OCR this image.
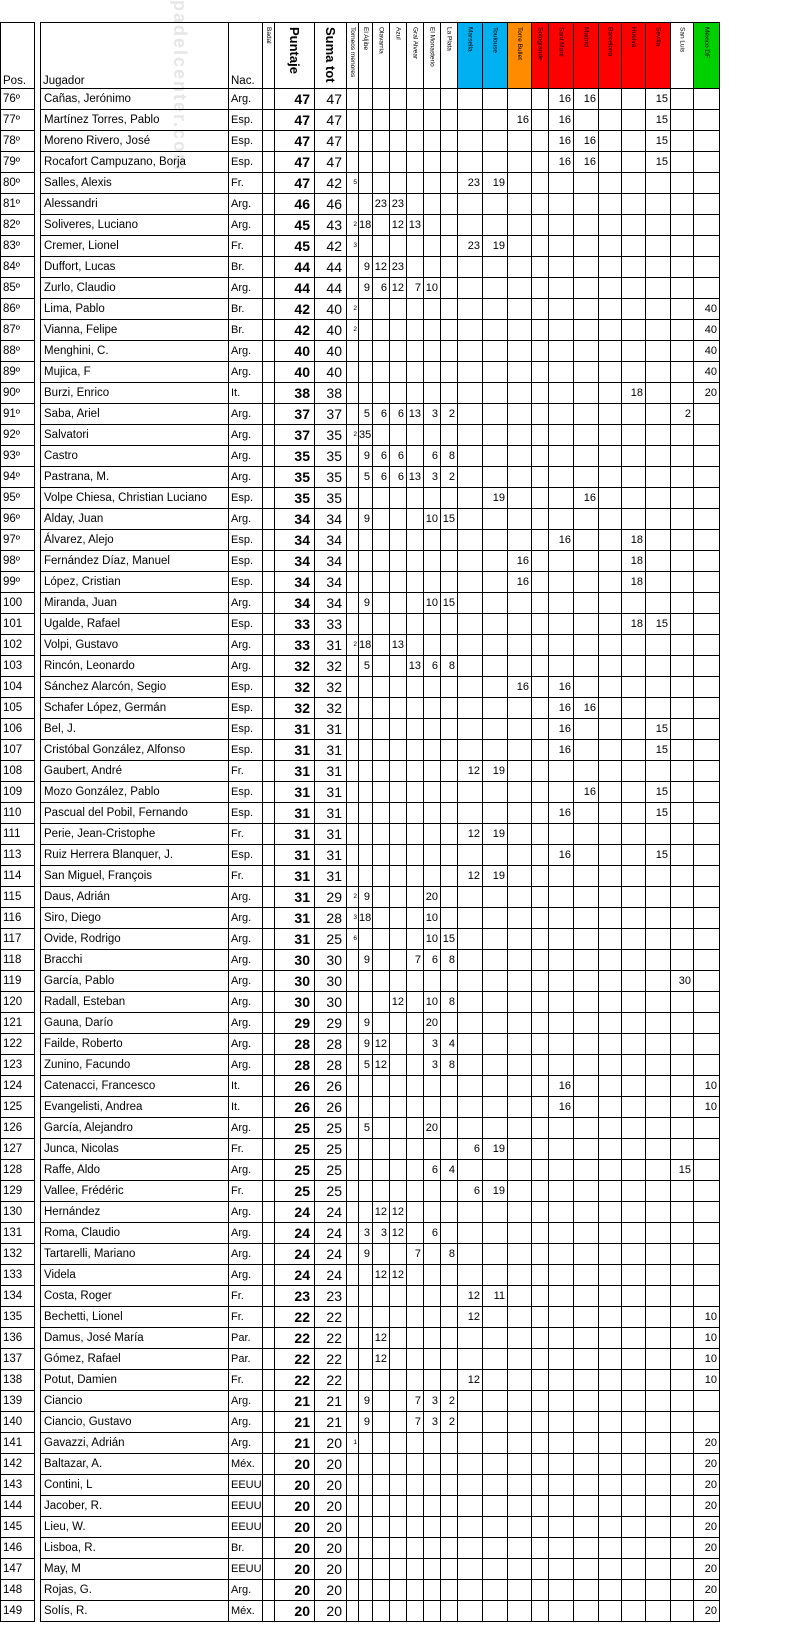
padelcenter.com
Pos.		Jugador	Nac.	Badal	Puntaje	Suma tot	Torneos menores	El Aljibe	Olavarría	Azul	Gral Alvear	El Monasterio	La Plata	Marsella	Toulouse	Torre Bullet	Sotogrande	Sant Marti	Madrid	Barcelona	Huelva	Sevilla	San Luis	México DF

76º		Cañas, Jerónimo	Arg.		47	47												16	16			15		
77º		Martínez Torres, Pablo	Esp.		47	47										16		16				15		
78º		Moreno Rivero, José	Esp.		47	47												16	16			15		
79º		Rocafort Campuzano, Borja	Esp.		47	47												16	16			15		
80º		Salles, Alexis	Fr.		47	42	5							23	19									
81º		Alessandri	Arg.		46	46			23	23														
82º		Soliveres, Luciano	Arg.		45	43	2	18		12	13													
83º		Cremer, Lionel	Fr.		45	42	3							23	19									
84º		Duffort, Lucas	Br.		44	44		9	12	23														
85º		Zurlo, Claudio	Arg.		44	44		9	6	12	7	10												
86º		Lima, Pablo	Br.		42	40	2																	40
87º		Vianna, Felipe	Br.		42	40	2																	40
88º		Menghini, C.	Arg.		40	40																		40
89º		Mujica, F	Arg.		40	40																		40
90º		Burzi, Enrico	It.		38	38															18			20
91º		Saba, Ariel	Arg.		37	37		5	6	6	13	3	2										2	
92º		Salvatori	Arg.		37	35	2	35																
93º		Castro	Arg.		35	35		9	6	6		6	8											
94º		Pastrana, M.	Arg.		35	35		5	6	6	13	3	2											
95º		Volpe Chiesa, Christian Luciano	Esp.		35	35									19				16					
96º		Alday, Juan	Arg.		34	34		9				10	15											
97º		Álvarez, Alejo	Esp.		34	34												16			18			
98º		Fernández Díaz, Manuel	Esp.		34	34										16					18			
99º		López, Cristian	Esp.		34	34										16					18			
100		Miranda, Juan	Arg.		34	34		9				10	15											
101		Ugalde, Rafael	Esp.		33	33															18	15		
102		Volpi, Gustavo	Arg.		33	31	2	18		13														
103		Rincón, Leonardo	Arg.		32	32		5			13	6	8											
104		Sánchez Alarcón, Segio	Esp.		32	32										16		16						
105		Schafer López, Germán	Esp.		32	32												16	16					
106		Bel, J.	Esp.		31	31												16				15		
107		Cristóbal González, Alfonso	Esp.		31	31												16				15		
108		Gaubert, André	Fr.		31	31								12	19									
109		Mozo González, Pablo	Esp.		31	31													16			15		
110		Pascual del Pobil, Fernando	Esp.		31	31												16				15		
111		Perie, Jean-Cristophe	Fr.		31	31								12	19									
113		Ruiz Herrera Blanquer, J.	Esp.		31	31												16				15		
114		San Miguel, François	Fr.		31	31								12	19									
115		Daus, Adrián	Arg.		31	29	2	9				20												
116		Siro, Diego	Arg.		31	28	3	18				10												
117		Ovide, Rodrigo	Arg.		31	25	6					10	15											
118		Bracchi	Arg.		30	30		9			7	6	8											
119		García, Pablo	Arg.		30	30																	30	
120		Radall, Esteban	Arg.		30	30				12		10	8											
121		Gauna, Darío	Arg.		29	29		9				20												
122		Failde, Roberto	Arg.		28	28		9	12			3	4											
123		Zunino, Facundo	Arg.		28	28		5	12			3	8											
124		Catenacci, Francesco	It.		26	26												16						10
125		Evangelisti, Andrea	It.		26	26												16						10
126		García, Alejandro	Arg.		25	25		5				20												
127		Junca, Nicolas	Fr.		25	25								6	19									
128		Raffe, Aldo	Arg.		25	25						6	4										15	
129		Vallee, Frédéric	Fr.		25	25								6	19									
130		Hernández	Arg.		24	24			12	12														
131		Roma, Claudio	Arg.		24	24		3	3	12		6												
132		Tartarelli, Mariano	Arg.		24	24		9			7		8											
133		Videla	Arg.		24	24			12	12														
134		Costa, Roger	Fr.		23	23								12	11									
135		Bechetti, Lionel	Fr.		22	22								12										10
136		Damus, José María	Par.		22	22			12															10
137		Gómez, Rafael	Par.		22	22			12															10
138		Potut, Damien	Fr.		22	22								12										10
139		Ciancio	Arg.		21	21		9			7	3	2											
140		Ciancio, Gustavo	Arg.		21	21		9			7	3	2											
141		Gavazzi, Adrián	Arg.		21	20	1																	20
142		Baltazar, A.	Méx.		20	20																		20
143		Contini, L	EEUU		20	20																		20
144		Jacober, R.	EEUU		20	20																		20
145		Lieu, W.	EEUU		20	20																		20
146		Lisboa, R.	Br.		20	20																		20
147		May, M	EEUU		20	20																		20
148		Rojas, G.	Arg.		20	20																		20
149		Solís, R.	Méx.		20	20																		20
